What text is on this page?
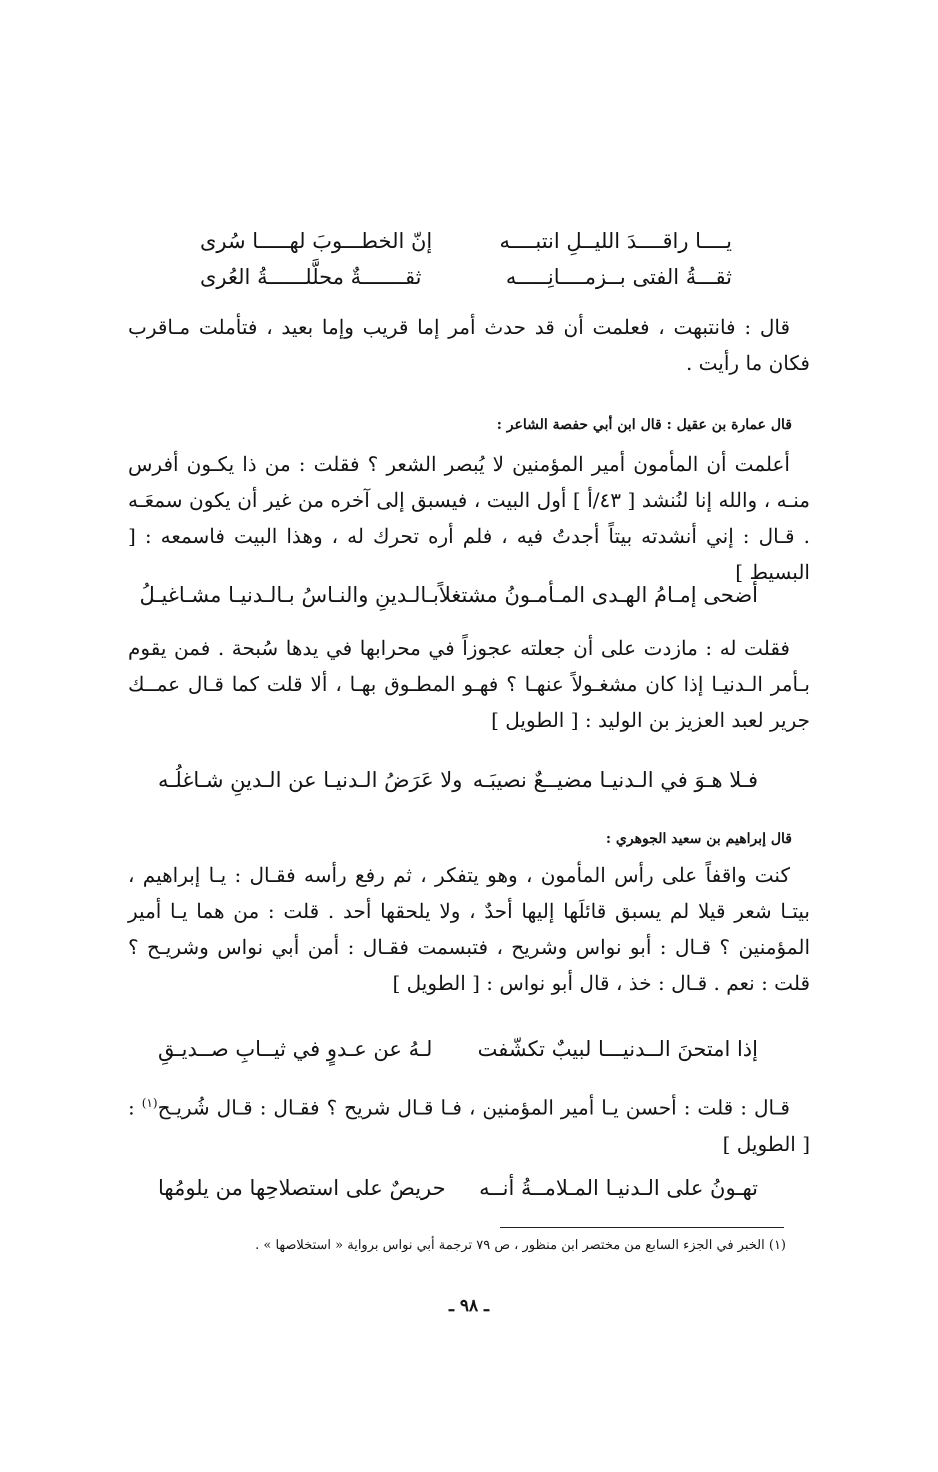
يــــا راقــــدَ الليــلِ انتبــــه
إنّ الخطـــوبَ لهـــــا سُرى
ثقـــةُ الفتى بــزمــــانِـــــه
ثقـــــــةٌ محلَّلــــــةُ العُرى

قال : فانتبهت ، فعلمت أن قد حدث أمر إما قريب وإما بعيد ، فتأملت مـاقرب فكان ما رأيت .

قال عمارة بن عقيل : قال ابن أبي حفصة الشاعر :

أعلمت أن المأمون أمير المؤمنين لا يُبصر الشعر ؟ فقلت : من ذا يكـون أفرس منـه ، والله إنا لنُنشد [ ٤٣/أ ] أول البيت ، فيسبق إلى آخره من غير أن يكون سمعَـه . قـال : إني أنشدته بيتاً أجدتُ فيه ، فلم أره تحرك له ، وهذا البيت فاسمعه : [ البسيط ]

أضحى إمـامُ الهـدى المـأمـونُ مشتغلاً
بـالـدينِ والنـاسُ بـالـدنيـا مشـاغيـلُ

فقلت له : مازدت على أن جعلته عجوزاً في محرابها في يدها سُبحة . فمن يقوم بـأمر الـدنيـا إذا كان مشغـولاً عنهـا ؟ فهـو المطـوق بهـا ، ألا قلت كما قـال عمــك جرير لعبد العزيز بن الوليد : [ الطويل ]

فـلا هـوَ في الـدنيـا مضيــعٌ نصيبَـه
ولا عَرَضُ الـدنيـا عن الـدينِ شـاغلُـه
قال إبراهيم بن سعيد الجوهري :

كنت واقفاً على رأس المأمون ، وهو يتفكر ، ثم رفع رأسه فقـال : يـا إبراهيم ، بيتـا شعر قيلا لم يسبق قائلَها إليها أحدٌ ، ولا يلحقها أحد . قلت : من هما يـا أمير المؤمنين ؟ قـال : أبو نواس وشريح ، فتبسمت فقـال : أمن أبي نواس وشريـح ؟ قلت : نعم . قـال : خذ ، قال أبو نواس : [ الطويل ]

إذا امتحنَ الــدنيـــا لبيبٌ تكشّفت
لـهُ عن عـدوٍ في ثيــابِ صــديـقِ

قـال : قلت : أحسن يـا أمير المؤمنين ، فـا قـال شريح ؟ فقـال : قـال شُريـح$^{(١)}$ : [ الطويل ]

تهـونُ على الـدنيـا المـلامــةُ أنــه
حريصٌ على استصلاحِها من يلومُها
(١) الخبر في الجزء السابع من مختصر ابن منظور ، ص ٧٩ ترجمة أبي نواس برواية « استخلاصها » .
ـ ٩٨ ـ
